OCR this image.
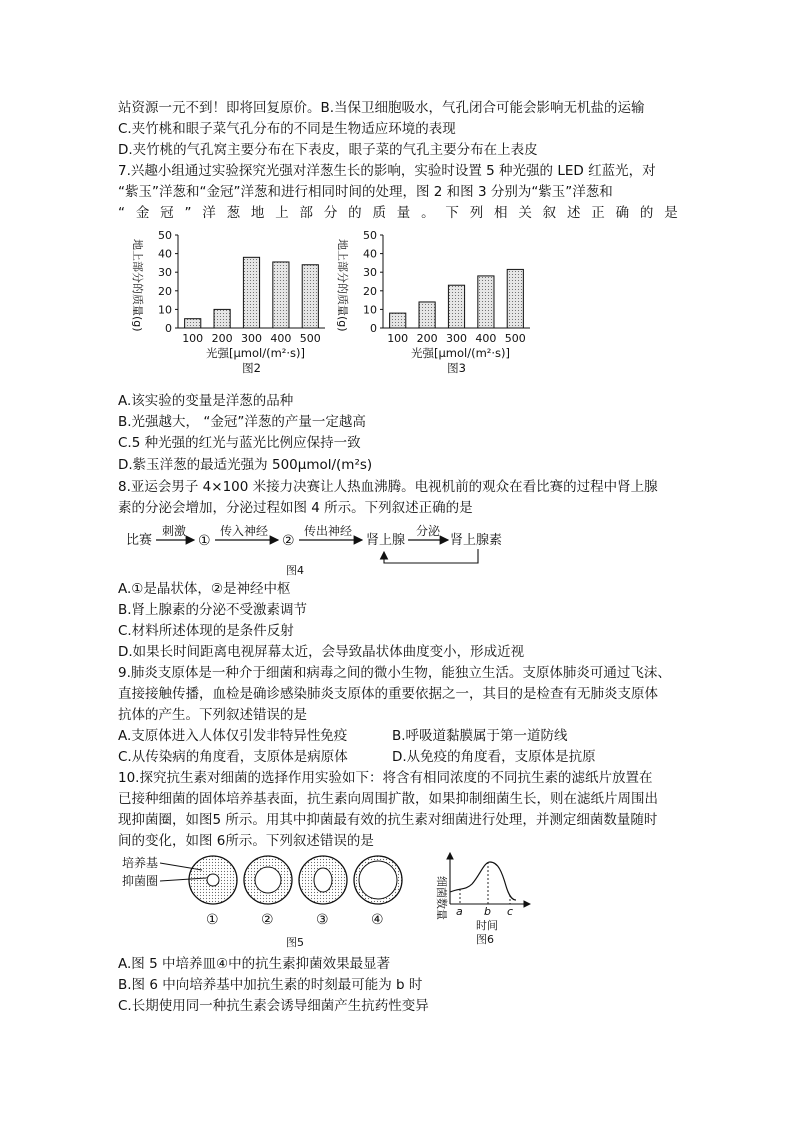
站资源一元不到！即将回复原价。B.当保卫细胞吸水，气孔闭合可能会影响无机盐的运输
C.夹竹桃和眼子菜气孔分布的不同是生物适应环境的表现
D.夹竹桃的气孔窝主要分布在下表皮，眼子菜的气孔主要分布在上表皮
7.兴趣小组通过实验探究光强对洋葱生长的影响，实验时设置 5 种光强的 LED 红蓝光，对
“紫玉”洋葱和“金冠”洋葱和进行相同时间的处理，图 2 和图 3 分别为“紫玉”洋葱和
“ 金 冠 ” 洋 葱 地 上 部 分 的 质 量 。 下 列 相 关 叙 述 正 确 的 是
地上部分的质量(g) 0
10
20
30
40
50
100 200 300 400 500
光强[μmol/(m²·s)]
图2
地上部分的质量(g) 0
10
20
30
40
50
100 200 300 400 500
光强[μmol/(m²·s)]
图3
A.该实验的变量是洋葱的品种
B.光强越大， “金冠”洋葱的产量一定越高
C.5 种光强的红光与蓝光比例应保持一致
D.紫玉洋葱的最适光强为 500μmol/(m²s)
8.亚运会男子 4×100 米接力决赛让人热血沸腾。电视机前的观众在看比赛的过程中肾上腺
素的分泌会增加，分泌过程如图 4 所示。下列叙述正确的是
比赛
刺激
①
传入神经
②
传出神经
肾上腺
分泌
肾上腺素
图4
A.①是晶状体，②是神经中枢
B.肾上腺素的分泌不受激素调节
C.材料所述体现的是条件反射
D.如果长时间距离电视屏幕太近，会导致晶状体曲度变小，形成近视
9.肺炎支原体是一种介于细菌和病毒之间的微小生物，能独立生活。支原体肺炎可通过飞沫、
直接接触传播，血检是确诊感染肺炎支原体的重要依据之一，其目的是检查有无肺炎支原体
抗体的产生。下列叙述错误的是
A.支原体进入人体仅引发非特异性免疫	B.呼吸道黏膜属于第一道防线
C.从传染病的角度看，支原体是病原体	D.从免疫的角度看，支原体是抗原
10.探究抗生素对细菌的选择作用实验如下：将含有相同浓度的不同抗生素的滤纸片放置在
已接种细菌的固体培养基表面，抗生素向周围扩散，如果抑制细菌生长，则在滤纸片周围出
现抑菌圈，如图5 所示。用其中抑菌最有效的抗生素对细菌进行处理，并测定细菌数量随时
间的变化，如图 6所示。下列叙述错误的是
培养基
抑菌圈
①	②	③	④
图5
细菌数量 a b c
时间
图6
A.图 5 中培养皿④中的抗生素抑菌效果最显著
B.图 6 中向培养基中加抗生素的时刻最可能为 b 时
C.长期使用同一种抗生素会诱导细菌产生抗药性变异
